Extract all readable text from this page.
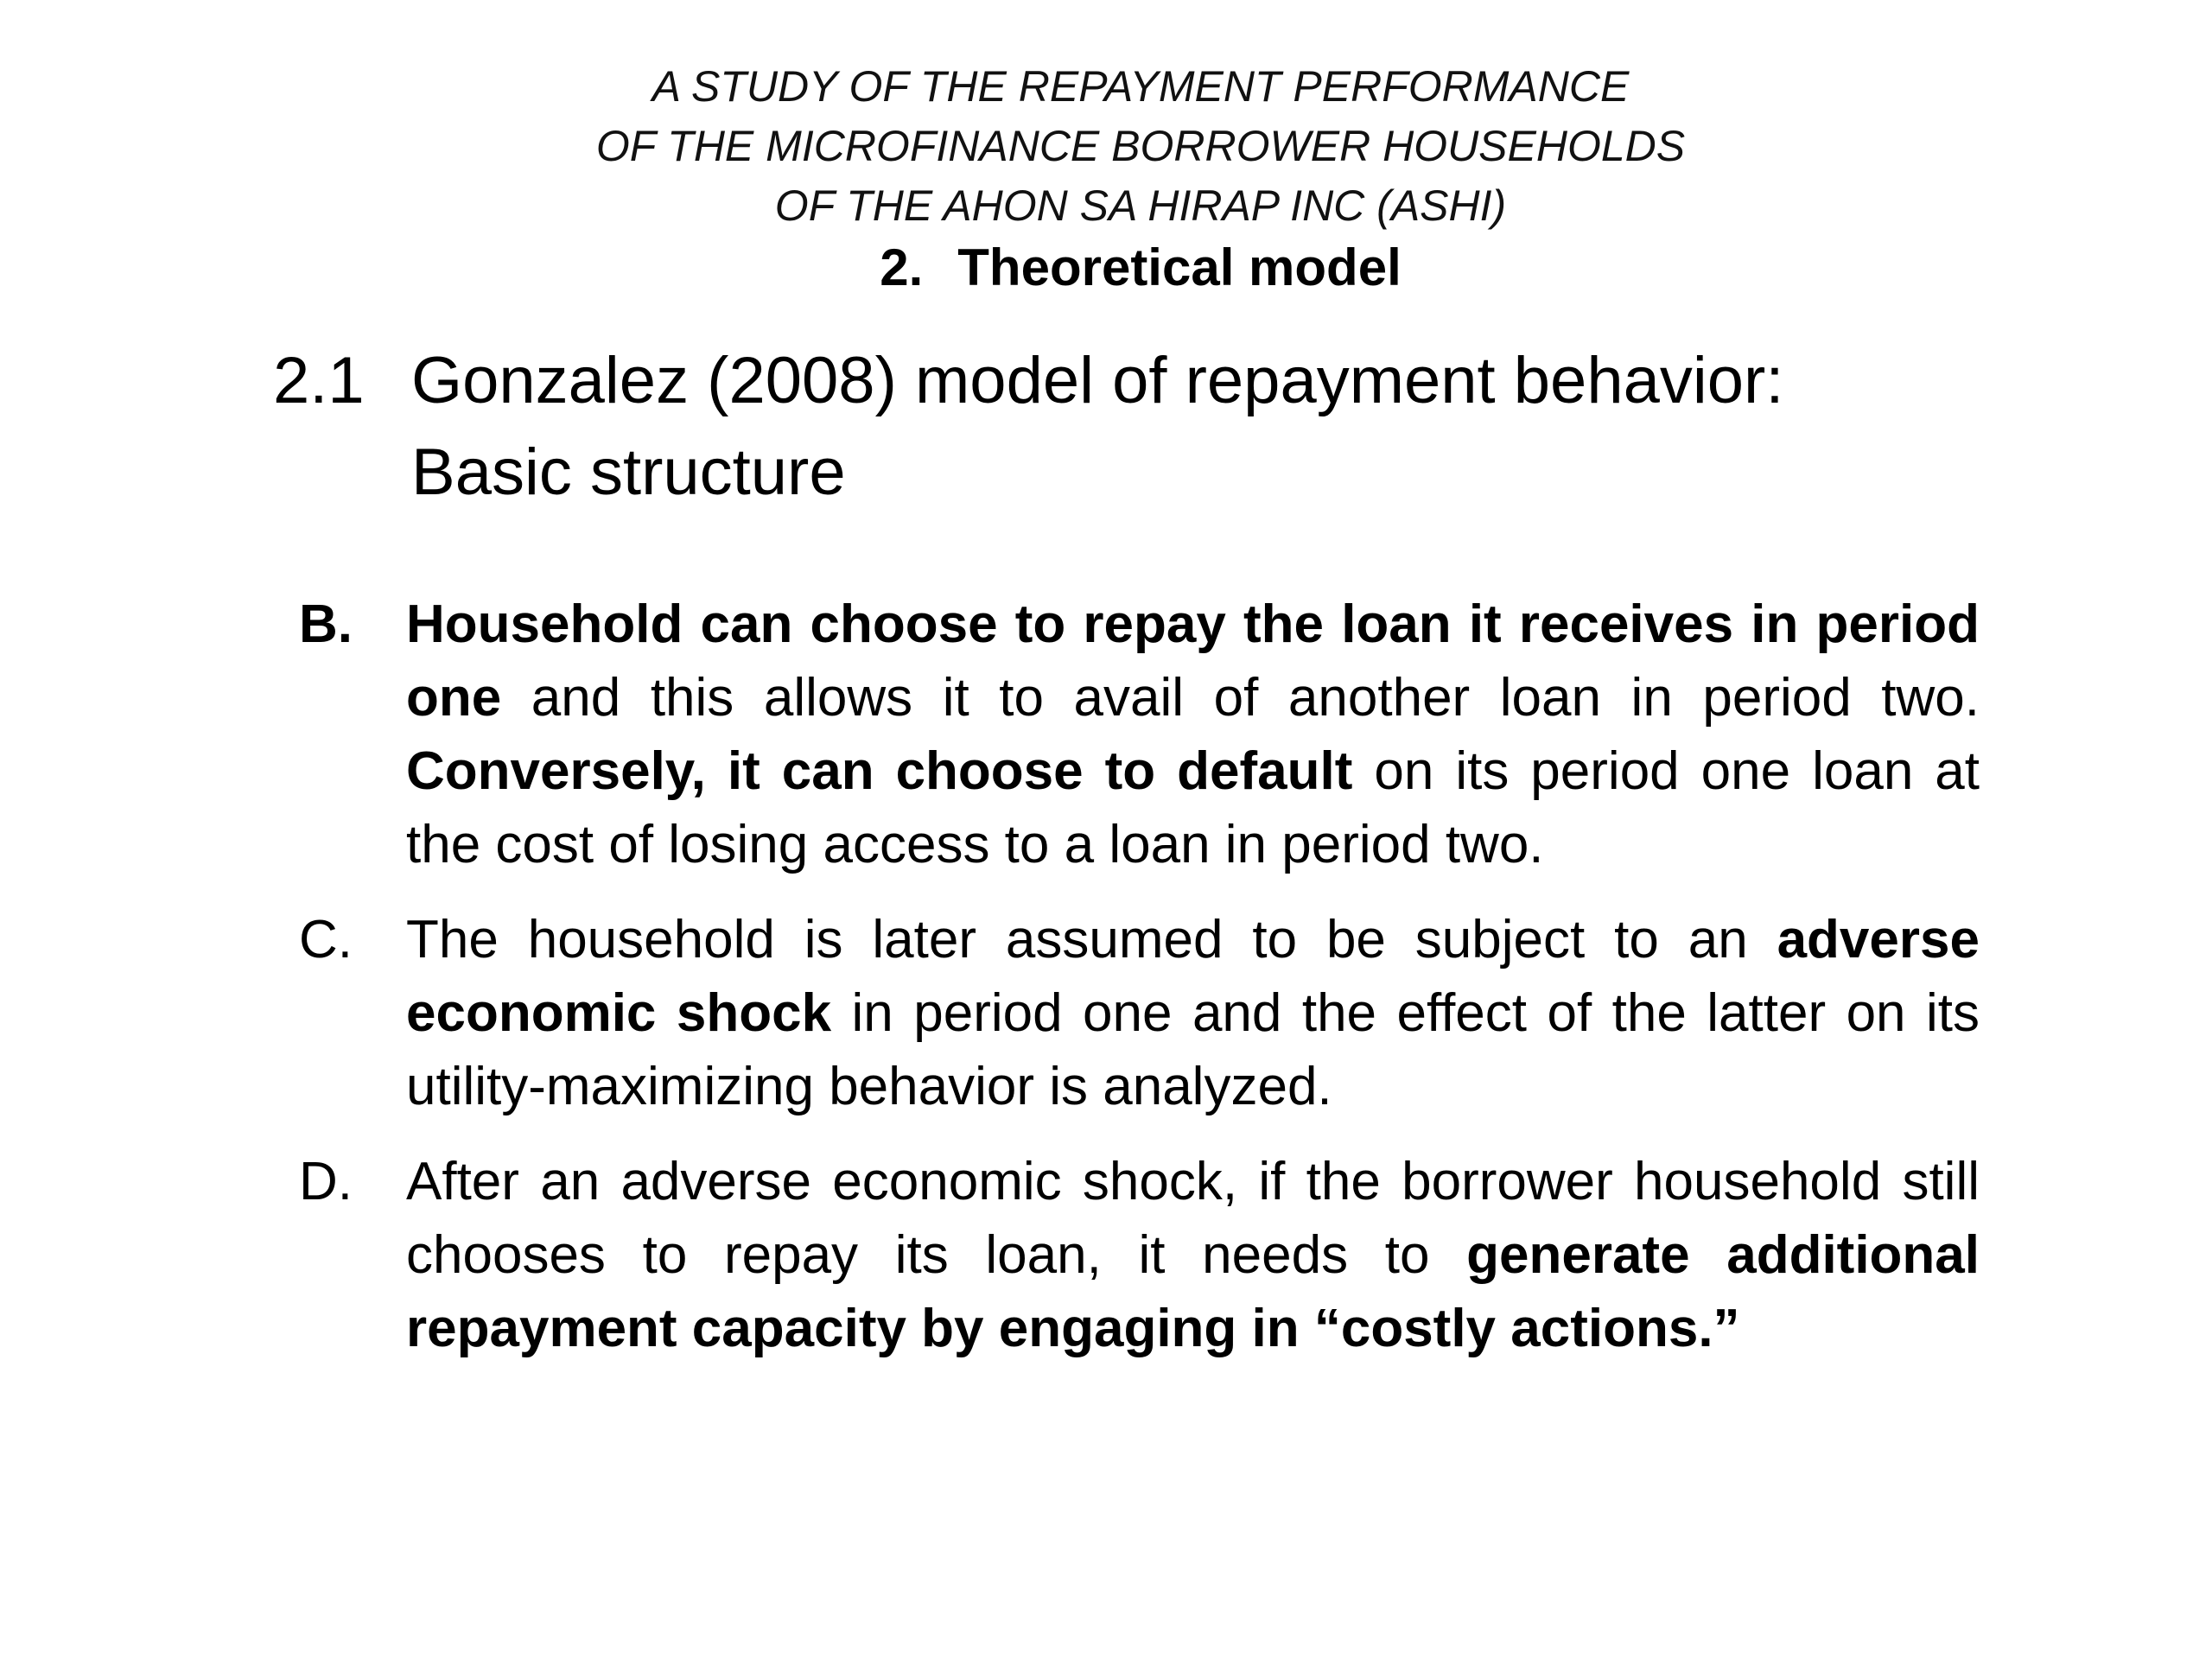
A STUDY OF THE REPAYMENT PERFORMANCE
OF THE MICROFINANCE BORROWER HOUSEHOLDS
OF THE AHON SA HIRAP INC (ASHI)
2. Theoretical model
2.1 Gonzalez (2008) model of repayment behavior:
Basic structure
B. Household can choose to repay the loan it receives in period one and this allows it to avail of another loan in period two. Conversely, it can choose to default on its period one loan at the cost of losing access to a loan in period two.
C. The household is later assumed to be subject to an adverse economic shock in period one and the effect of the latter on its utility-maximizing behavior is analyzed.
D. After an adverse economic shock, if the borrower household still chooses to repay its loan, it needs to generate additional repayment capacity by engaging in “costly actions.”
